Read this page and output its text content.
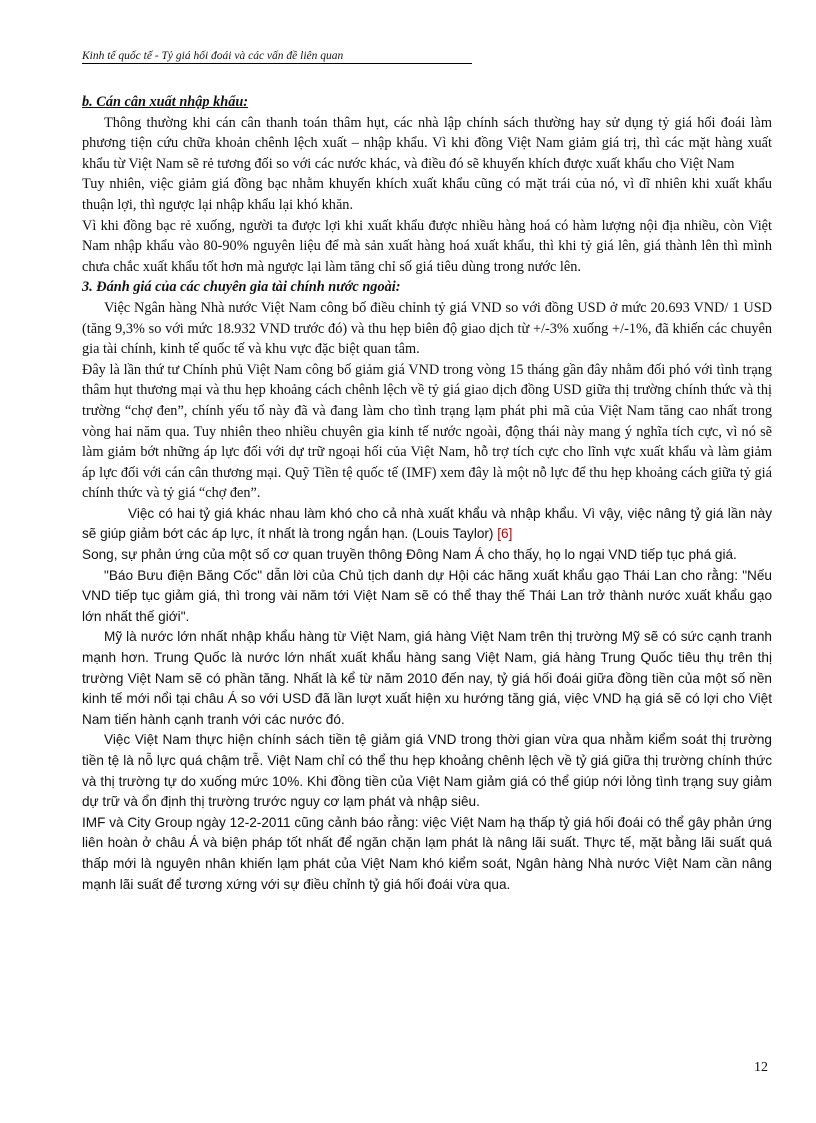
Kinh tế quốc tế - Tỷ giá hối đoái và các vấn đề liên quan

b. Cán cân xuất nhập khẩu:

Thông thường khi cán cân thanh toán thâm hụt, các nhà lập chính sách thường hay sử dụng tỷ giá hối đoái làm phương tiện cứu chữa khoản chênh lệch xuất – nhập khẩu. Vì khi đồng Việt Nam giảm giá trị, thì các mặt hàng xuất khẩu từ Việt Nam sẽ rẻ tương đối so với các nước khác, và điều đó sẽ khuyến khích được xuất khẩu cho Việt Nam

Tuy nhiên, việc giảm giá đồng bạc nhằm khuyến khích xuất khẩu cũng có mặt trái của nó, vì dĩ nhiên khi xuất khẩu thuận lợi, thì ngược lại nhập khẩu lại khó khăn.

Vì khi đồng bạc rẻ xuống, người ta được lợi khi xuất khẩu được nhiều hàng hoá có hàm lượng nội địa nhiều, còn Việt Nam nhập khẩu vào 80-90% nguyên liệu để mà sản xuất hàng hoá xuất khẩu, thì khi tỷ giá lên, giá thành lên thì mình chưa chắc xuất khẩu tốt hơn mà ngược lại làm tăng chỉ số giá tiêu dùng trong nước lên.

3. Đánh giá của các chuyên gia tài chính nước ngoài:

Việc Ngân hàng Nhà nước Việt Nam công bố điều chỉnh tỷ giá VND so với đồng USD ở mức 20.693 VND/ 1 USD (tăng 9,3% so với mức 18.932 VND trước đó) và thu hẹp biên độ giao dịch từ +/-3% xuống +/-1%, đã khiến các chuyên gia tài chính, kinh tế quốc tế và khu vực đặc biệt quan tâm.

Đây là lần thứ tư Chính phủ Việt Nam công bố giảm giá VND trong vòng 15 tháng gần đây nhằm đối phó với tình trạng thâm hụt thương mại và thu hẹp khoảng cách chênh lệch về tỷ giá giao dịch đồng USD giữa thị trường chính thức và thị trường “chợ đen”, chính yếu tố này đã và đang làm cho tình trạng lạm phát phi mã của Việt Nam tăng cao nhất trong vòng hai năm qua. Tuy nhiên theo nhiều chuyên gia kinh tế nước ngoài, động thái này mang ý nghĩa tích cực, vì nó sẽ làm giảm bớt những áp lực đối với dự trữ ngoại hối của Việt Nam, hỗ trợ tích cực cho lĩnh vực xuất khẩu và làm giảm áp lực đối với cán cân thương mại. Quỹ Tiền tệ quốc tế (IMF) xem đây là một nỗ lực để thu hẹp khoảng cách giữa tỷ giá chính thức và tỷ giá “chợ đen”.

Việc có hai tỷ giá khác nhau làm khó cho cả nhà xuất khẩu và nhập khẩu. Vì vậy, việc nâng tỷ giá lần này sẽ giúp giảm bớt các áp lực, ít nhất là trong ngắn hạn. (Louis Taylor) [6]

Song, sự phản ứng của một số cơ quan truyền thông Đông Nam Á cho thấy, họ lo ngại VND tiếp tục phá giá.

"Báo Bưu điện Băng Cốc" dẫn lời của Chủ tịch danh dự Hội các hãng xuất khẩu gạo Thái Lan cho rằng: "Nếu VND tiếp tục giảm giá, thì trong vài năm tới Việt Nam sẽ có thể thay thế Thái Lan trở thành nước xuất khẩu gạo lớn nhất thế giới".

Mỹ là nước lớn nhất nhập khẩu hàng từ Việt Nam, giá hàng Việt Nam trên thị trường Mỹ sẽ có sức cạnh tranh mạnh hơn. Trung Quốc là nước lớn nhất xuất khẩu hàng sang Việt Nam, giá hàng Trung Quốc tiêu thụ trên thị trường Việt Nam sẽ có phần tăng. Nhất là kể từ năm 2010 đến nay, tỷ giá hối đoái giữa đồng tiền của một số nền kinh tế mới nổi tại châu Á so với USD đã lần lượt xuất hiện xu hướng tăng giá, việc VND hạ giá sẽ có lợi cho Việt Nam tiến hành cạnh tranh với các nước đó.

Việc Việt Nam thực hiện chính sách tiền tệ giảm giá VND trong thời gian vừa qua nhằm kiểm soát thị trường tiền tệ là nỗ lực quá chậm trễ. Việt Nam chỉ có thể thu hẹp khoảng chênh lệch về tỷ giá giữa thị trường chính thức và thị trường tự do xuống mức 10%. Khi đồng tiền của Việt Nam giảm giá có thể giúp nới lỏng tình trạng suy giảm dự trữ và ổn định thị trường trước nguy cơ lạm phát và nhập siêu.

IMF và City Group ngày 12-2-2011 cũng cảnh báo rằng: việc Việt Nam hạ thấp tỷ giá hối đoái có thể gây phản ứng liên hoàn ở châu Á và biện pháp tốt nhất để ngăn chặn lạm phát là nâng lãi suất. Thực tế, mặt bằng lãi suất quá thấp mới là nguyên nhân khiến lạm phát của Việt Nam khó kiểm soát, Ngân hàng Nhà nước Việt Nam cần nâng mạnh lãi suất để tương xứng với sự điều chỉnh tỷ giá hối đoái vừa qua.

12
